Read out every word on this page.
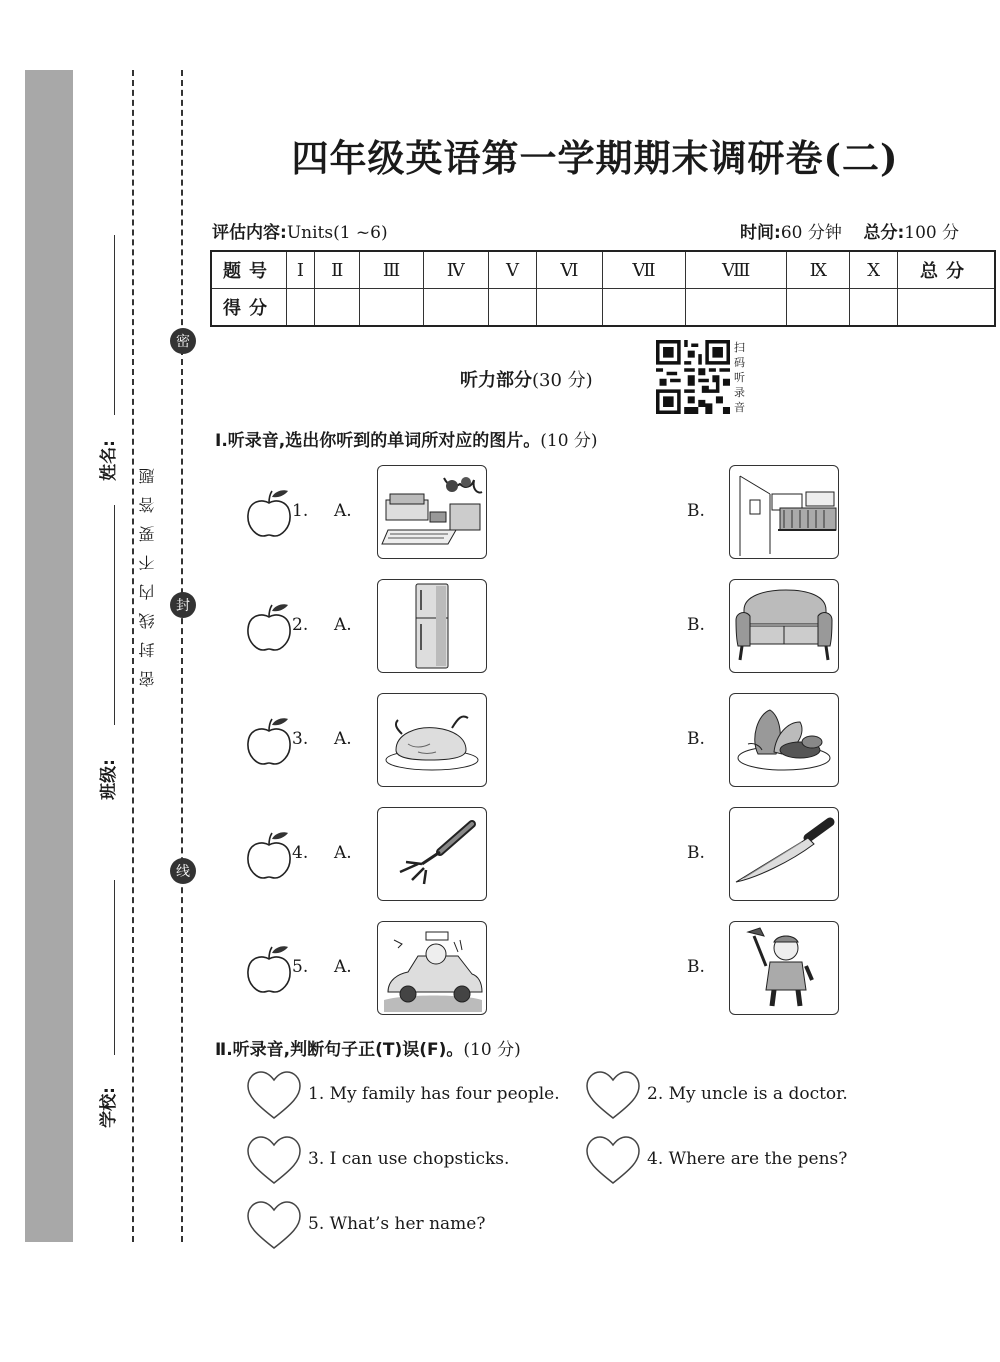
姓名:
班级:
学校:
密
封
线
密封线内不要答题
四年级英语第一学期期末调研卷(二)
评估内容:Units(1 ~6)	时间:60 分钟 总分:100 分
题号	Ⅰ	Ⅱ	Ⅲ	Ⅳ	Ⅴ	Ⅵ	Ⅶ	Ⅷ	Ⅸ	Ⅹ	总分
得分											
听力部分(30 分)
扫码听录音
Ⅰ.听录音,选出你听到的单词所对应的图片。(10 分)
1. A.	B.
2. A.	B.
3. A.	B.
4. A.	B.
5. A.	B.
Ⅱ.听录音,判断句子正(T)误(F)。(10 分)
1. My family has four people.	2. My uncle is a doctor.
3. I can use chopsticks.	4. Where are the pens?
5. What’s her name?
